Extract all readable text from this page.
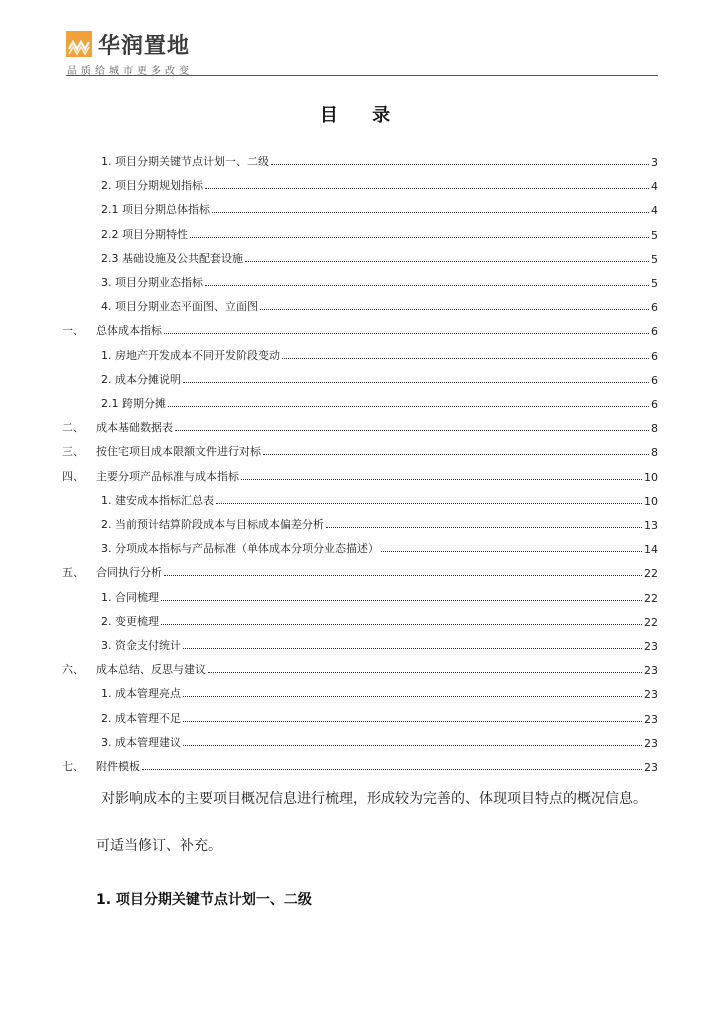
华润置地
品质给城市更多改变
目 录
1. 项目分期关键节点计划一、二级	3
2. 项目分期规划指标	4
2.1 项目分期总体指标	4
2.2 项目分期特性	5
2.3 基础设施及公共配套设施	5
3. 项目分期业态指标	5
4. 项目分期业态平面图、立面图	6
一、	总体成本指标	6
1. 房地产开发成本不同开发阶段变动	6
2. 成本分摊说明	6
2.1 跨期分摊	6
二、	成本基础数据表	8
三、	按住宅项目成本限额文件进行对标	8
四、	主要分项产品标准与成本指标	10
1. 建安成本指标汇总表	10
2. 当前预计结算阶段成本与目标成本偏差分析	13
3. 分项成本指标与产品标准（单体成本分项分业态描述）	14
五、	合同执行分析	22
1. 合同梳理	22
2. 变更梳理	22
3. 资金支付统计	23
六、	成本总结、反思与建议	23
1. 成本管理亮点	23
2. 成本管理不足	23
3. 成本管理建议	23
七、	附件模板	23
对影响成本的主要项目概况信息进行梳理，形成较为完善的、体现项目特点的概况信息。
可适当修订、补充。
1. 项目分期关键节点计划一、二级
